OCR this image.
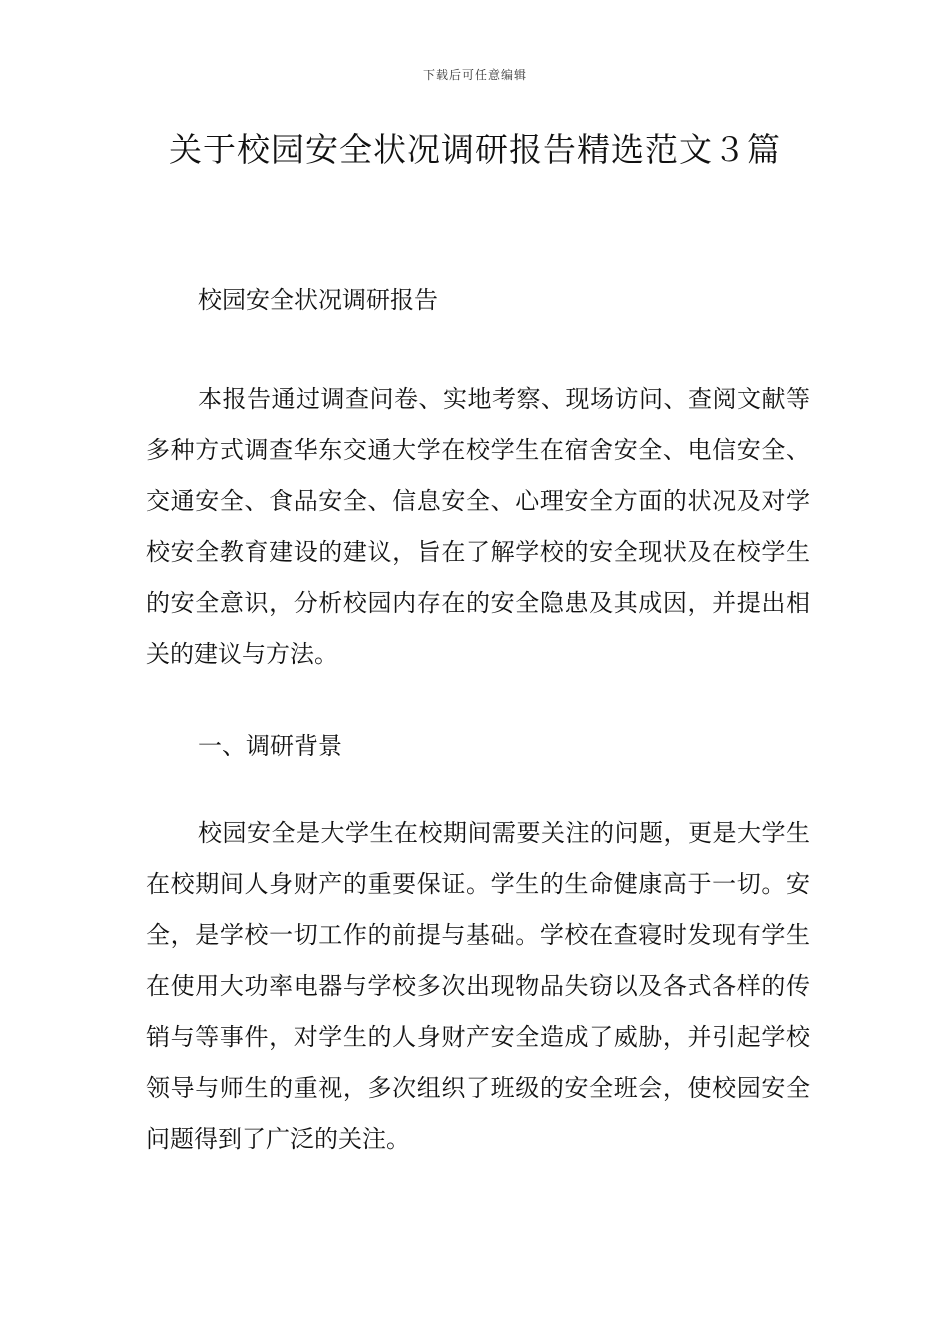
下载后可任意编辑
关于校园安全状况调研报告精选范文３篇
校园安全状况调研报告

本报告通过调查问卷、实地考察、现场访问、查阅文献等多种方式调查华东交通大学在校学生在宿舍安全、电信安全、交通安全、食品安全、信息安全、心理安全方面的状况及对学校安全教育建设的建议，旨在了解学校的安全现状及在校学生的安全意识，分析校园内存在的安全隐患及其成因，并提出相关的建议与方法。

一、调研背景

校园安全是大学生在校期间需要关注的问题，更是大学生在校期间人身财产的重要保证。学生的生命健康高于一切。安全，是学校一切工作的前提与基础。学校在查寝时发现有学生在使用大功率电器与学校多次出现物品失窃以及各式各样的传销与等事件，对学生的人身财产安全造成了威胁，并引起学校领导与师生的重视，多次组织了班级的安全班会，使校园安全问题得到了广泛的关注。
